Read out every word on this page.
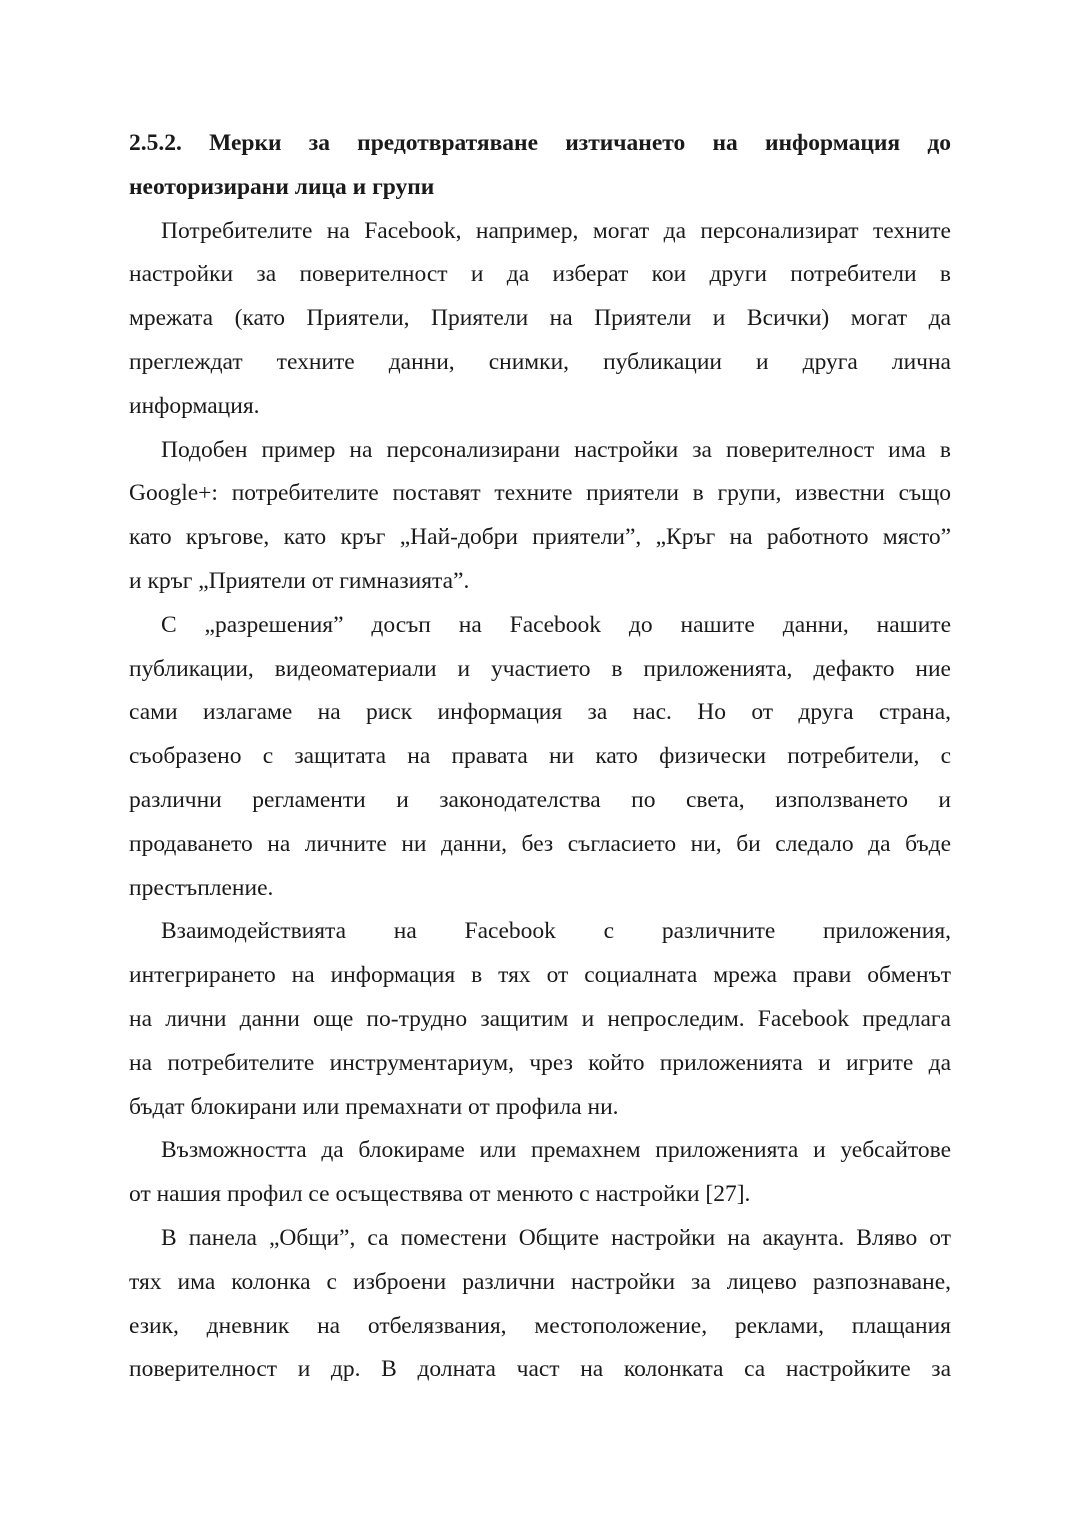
2.5.2. Мерки за предотвратяване изтичането на информация до
неоторизирани лица и групи
Потребителите на Facebook, например, могат да персонализират техните
настройки за поверителност и да изберат кои други потребители в
мрежата (като Приятели, Приятели на Приятели и Всички) могат да
преглеждат техните данни, снимки, публикации и друга лична
информация.
Подобен пример на персонализирани настройки за поверителност има в
Google+: потребителите поставят техните приятели в групи, известни също
като кръгове, като кръг „Най-добри приятели”, „Кръг на работното място”
и кръг „Приятели от гимназията”.
С „разрешения” досъп на Facebook до нашите данни, нашите
публикации, видеоматериали и участието в приложенията, дефакто ние
сами излагаме на риск информация за нас. Но от друга страна,
съобразено с защитата на правата ни като физически потребители, с
различни регламенти и законодателства по света, използването и
продаването на личните ни данни, без съгласието ни, би следало да бъде
престъпление.
Взаимодействията на Facebook с различните приложения,
интегрирането на информация в тях от социалната мрежа прави обменът
на лични данни още по-трудно защитим и непроследим. Facebook предлага
на потребителите инструментариум, чрез който приложенията и игрите да
бъдат блокирани или премахнати от профила ни.
Възможността да блокираме или премахнем приложенията и уебсайтове
от нашия профил се осъществява от менюто с настройки [27].
В панела „Общи”, са поместени Общите настройки на акаунта. Вляво от
тях има колонка с изброени различни настройки за лицево разпознаване,
език, дневник на отбелязвания, местоположение, реклами, плащания
поверителност и др. В долната част на колонката са настройките за
